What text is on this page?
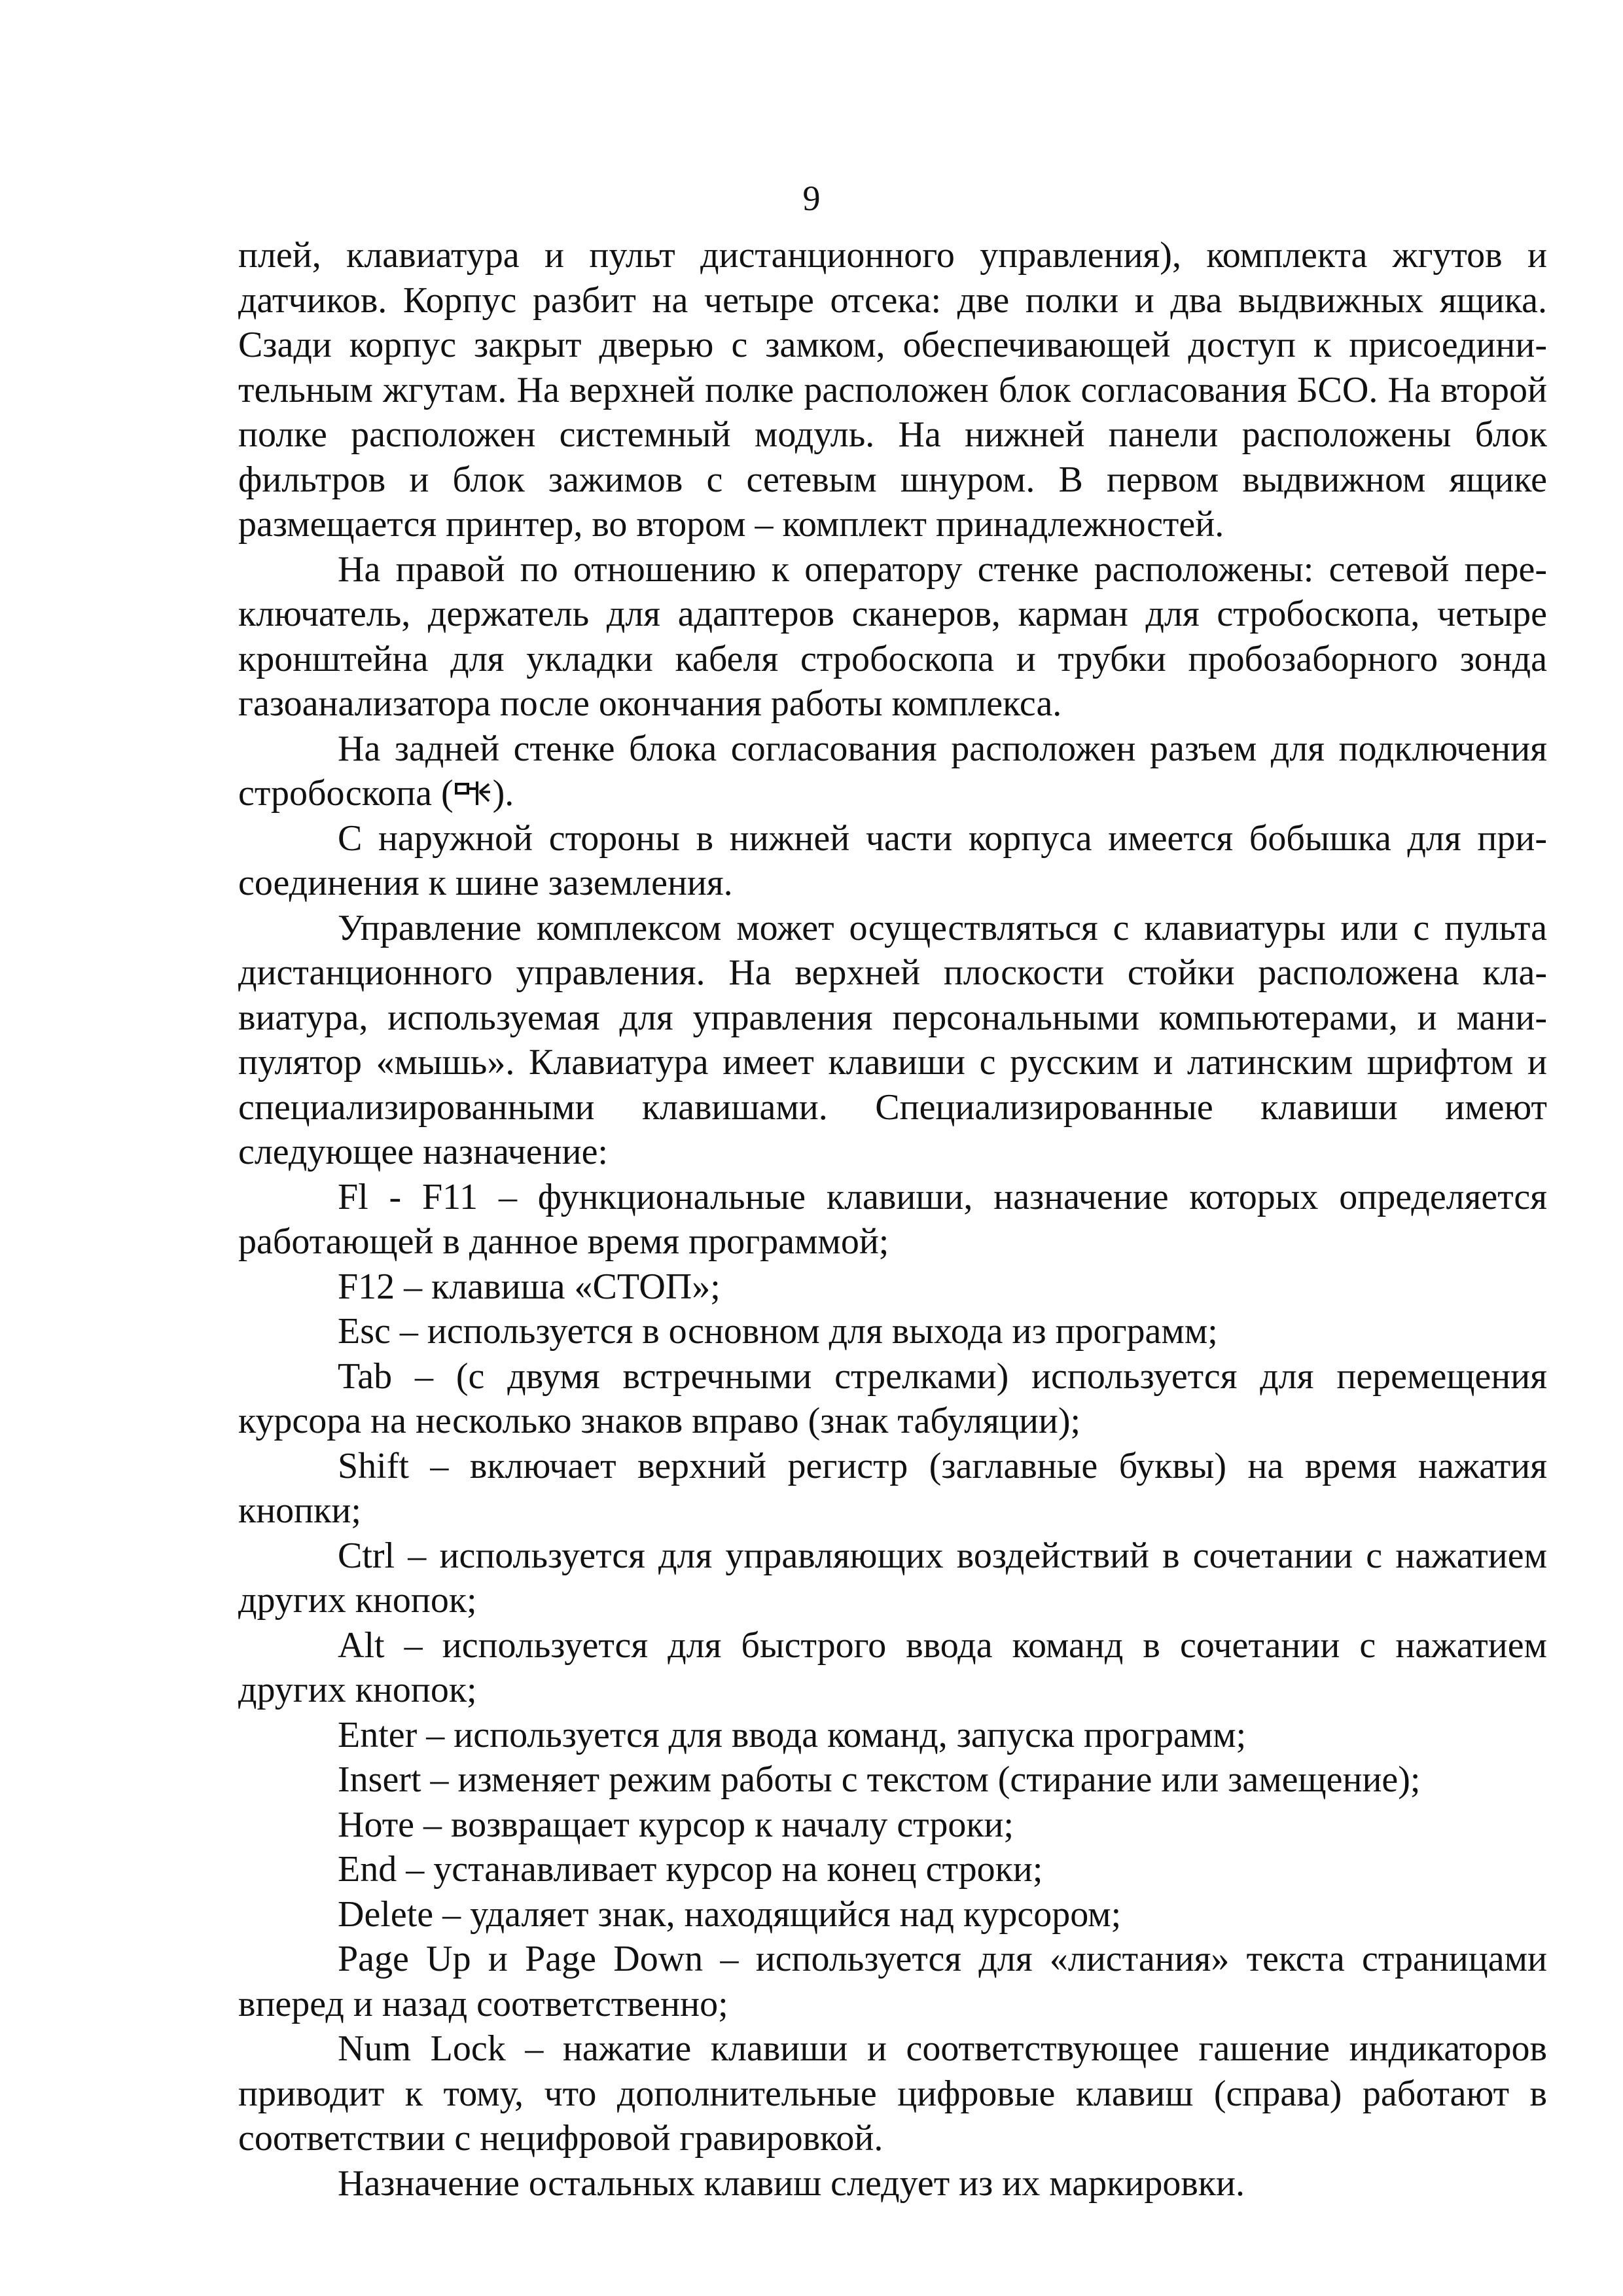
9

плей, клавиатура и пульт дистанционного управления), комплекта жгутов и датчиков. Корпус разбит на четыре отсека: две полки и два выдвижных ящика. Сзади корпус закрыт дверью с замком, обеспечивающей доступ к присоединительным жгутам. На верхней полке расположен блок согласования БСО. На второй полке расположен системный модуль. На нижней панели расположены блок фильтров и блок зажимов с сетевым шнуром. В первом выдвижном ящике размещается принтер, во втором – комплект принадлежностей.

На правой по отношению к оператору стенке расположены: сетевой переключатель, держатель для адаптеров сканеров, карман для стробоскопа, четыре кронштейна для укладки кабеля стробоскопа и трубки пробозаборного зонда газоанализатора после окончания работы комплекса.

На задней стенке блока согласования расположен разъем для подключения стробоскопа ( ).

С наружной стороны в нижней части корпуса имеется бобышка для присоединения к шине заземления.

Управление комплексом может осуществляться с клавиатуры или с пульта дистанционного управления. На верхней плоскости стойки расположена клавиатура, используемая для управления персональными компьютерами, и манипулятор «мышь». Клавиатура имеет клавиши с русским и латинским шрифтом и специализированными клавишами. Специализированные клавиши имеют следующее назначение:

Fl - F11 – функциональные клавиши, назначение которых определяется работающей в данное время программой;

F12 – клавиша «СТОП»;

Esc – используется в основном для выхода из программ;

Tab – (с двумя встречными стрелками) используется для перемещения курсора на несколько знаков вправо (знак табуляции);

Shift – включает верхний регистр (заглавные буквы) на время нажатия кнопки;

Ctrl – используется для управляющих воздействий в сочетании с нажатием других кнопок;

Alt – используется для быстрого ввода команд в сочетании с нажатием других кнопок;

Enter – используется для ввода команд, запуска программ;

Insert – изменяет режим работы с текстом (стирание или замещение);

Ноте – возвращает курсор к началу строки;

End – устанавливает курсор на конец строки;

Delete – удаляет знак, находящийся над курсором;

Page Up и Page Down – используется для «листания» текста страницами вперед и назад соответственно;

Num Lock – нажатие клавиши и соответствующее гашение индикаторов приводит к тому, что дополнительные цифровые клавиш (справа) работают в соответствии с нецифровой гравировкой.

Назначение остальных клавиш следует из их маркировки.
